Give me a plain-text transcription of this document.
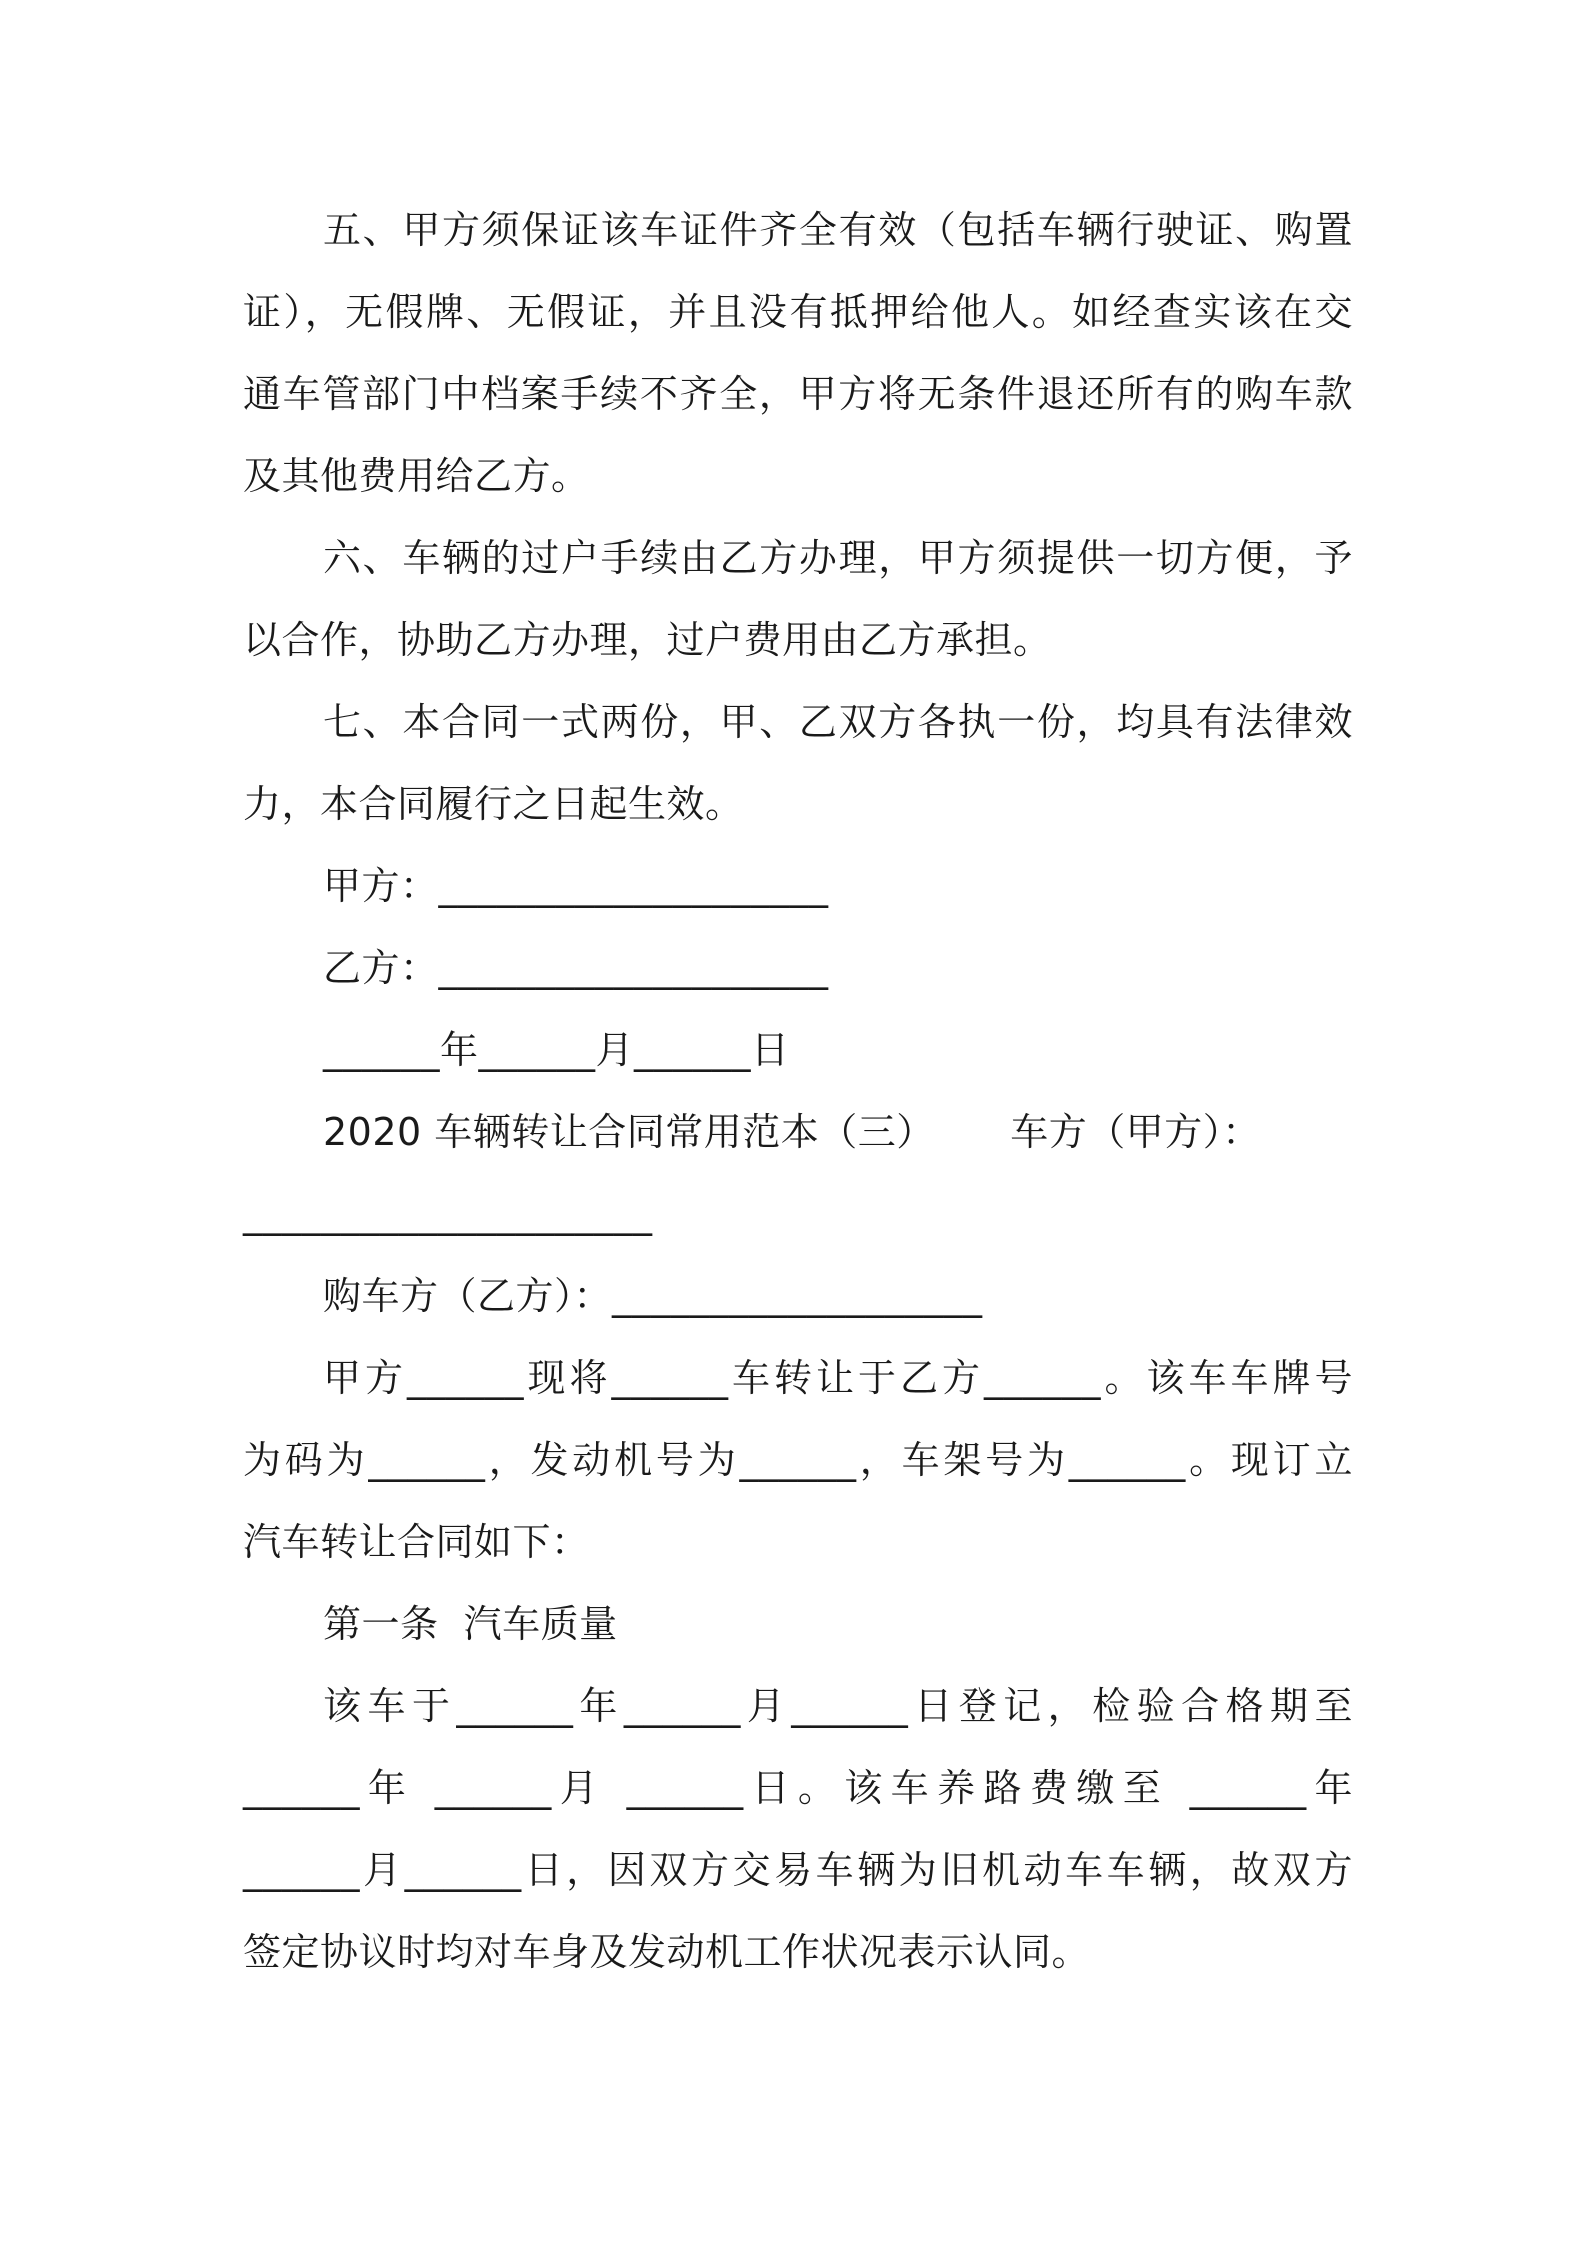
五、甲方须保证该车证件齐全有效（包括车辆行驶证、购置
证），无假牌、无假证，并且没有抵押给他人。如经查实该在交
通车管部门中档案手续不齐全，甲方将无条件退还所有的购车款
及其他费用给乙方。
六、车辆的过户手续由乙方办理，甲方须提供一切方便，予
以合作，协助乙方办理，过户费用由乙方承担。
七、本合同一式两份，甲、乙双方各执一份，均具有法律效
力，本合同履行之日起生效。
甲方：____________________
乙方：____________________
______年______月______日
2020 车辆转让合同常用范本（三）      车方（甲方）：
_____________________
购车方（乙方）：___________________
甲方______现将______车转让于乙方______。该车车牌号
为码为______，发动机号为______，车架号为______。现订立
汽车转让合同如下：
第一条  汽车质量
该车于______年______月______日登记，检验合格期至
______年 ______月 ______日。该车养路费缴至 ______年
______月______日，因双方交易车辆为旧机动车车辆，故双方
签定协议时均对车身及发动机工作状况表示认同。
